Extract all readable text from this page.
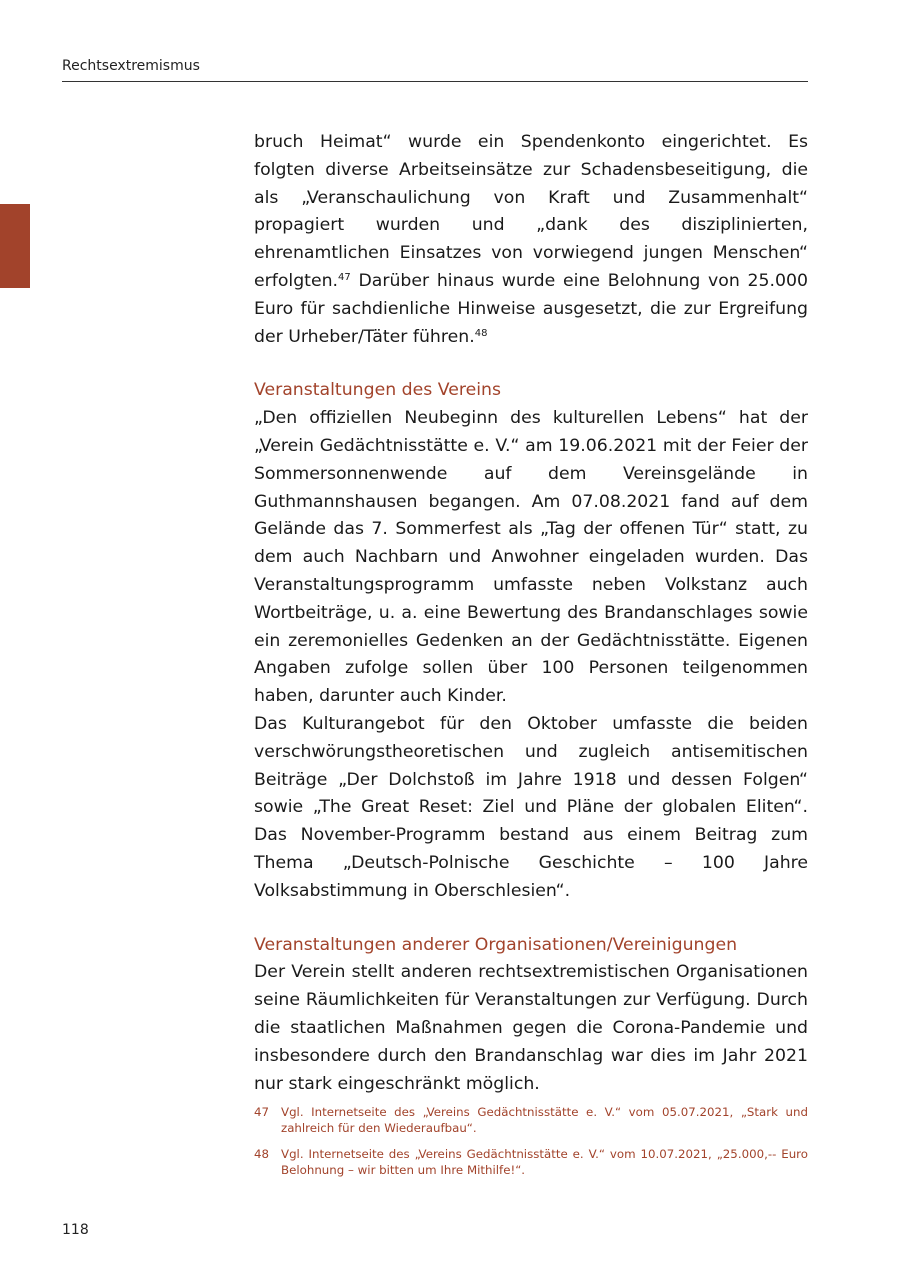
Rechtsextremismus

bruch Heimat“ wurde ein Spendenkonto eingerichtet. Es folgten diverse Arbeitseinsätze zur Schadensbeseitigung, die als „Veranschaulichung von Kraft und Zusammenhalt“ propagiert wurden und „dank des disziplinierten, ehrenamtlichen Einsatzes von vorwiegend jungen Menschen“ erfolgten.$^{47}$ Darüber hinaus wurde eine Belohnung von 25.000 Euro für sachdienliche Hinweise ausgesetzt, die zur Ergreifung der Urheber/Täter führen.$^{48}$

Veranstaltungen des Vereins

„Den offiziellen Neubeginn des kulturellen Lebens“ hat der „Verein Gedächtnisstätte e. V.“ am 19.06.2021 mit der Feier der Sommersonnenwende auf dem Vereinsgelände in Guthmannshausen begangen. Am 07.08.2021 fand auf dem Gelände das 7. Sommerfest als „Tag der offenen Tür“ statt, zu dem auch Nachbarn und Anwohner eingeladen wurden. Das Veranstaltungsprogramm umfasste neben Volkstanz auch Wortbeiträge, u. a. eine Bewertung des Brandanschlages sowie ein zeremonielles Gedenken an der Gedächtnisstätte. Eigenen Angaben zufolge sollen über 100 Personen teilgenommen haben, darunter auch Kinder.

Das Kulturangebot für den Oktober umfasste die beiden verschwörungstheoretischen und zugleich antisemitischen Beiträge „Der Dolchstoß im Jahre 1918 und dessen Folgen“ sowie „The Great Reset: Ziel und Pläne der globalen Eliten“. Das November-Programm bestand aus einem Beitrag zum Thema „Deutsch-Polnische Geschichte – 100 Jahre Volksabstimmung in Oberschlesien“.

Veranstaltungen anderer Organisationen/Vereinigungen

Der Verein stellt anderen rechtsextremistischen Organisationen seine Räumlichkeiten für Veranstaltungen zur Verfügung. Durch die staatlichen Maßnahmen gegen die Corona-Pandemie und insbesondere durch den Brandanschlag war dies im Jahr 2021 nur stark eingeschränkt möglich.

47	Vgl. Internetseite des „Vereins Gedächtnisstätte e. V.“ vom 05.07.2021, „Stark und zahlreich für den Wiederaufbau“.
48	Vgl. Internetseite des „Vereins Gedächtnisstätte e. V.“ vom 10.07.2021, „25.000,-- Euro Belohnung – wir bitten um Ihre Mithilfe!“.
118
